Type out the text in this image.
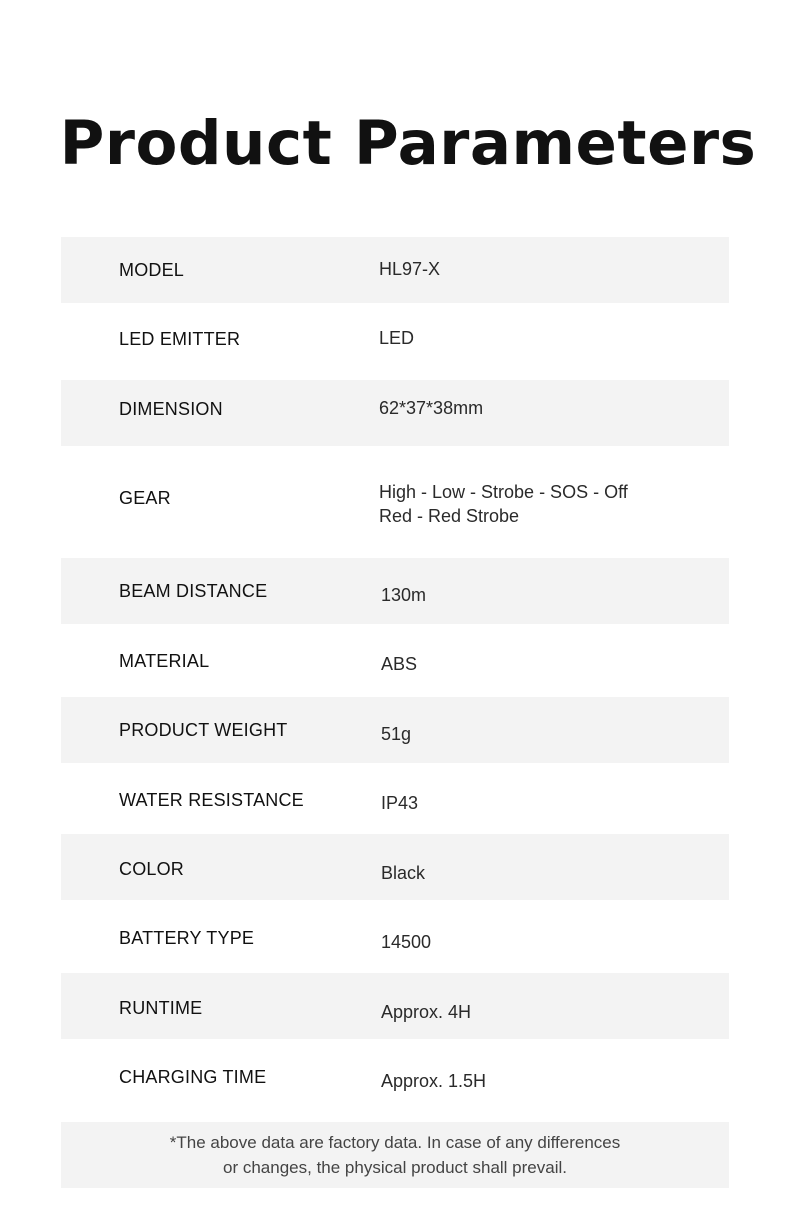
Product Parameters
MODEL	HL97-X
LED EMITTER	LED
DIMENSION	62*37*38mm
GEAR	High - Low - Strobe - SOS - Off
Red - Red Strobe
BEAM DISTANCE	130m
MATERIAL	ABS
PRODUCT WEIGHT	51g
WATER RESISTANCE	IP43
COLOR	Black
BATTERY TYPE	14500
RUNTIME	Approx. 4H
CHARGING TIME	Approx. 1.5H
*The above data are factory data. In case of any differences
or changes, the physical product shall prevail.
